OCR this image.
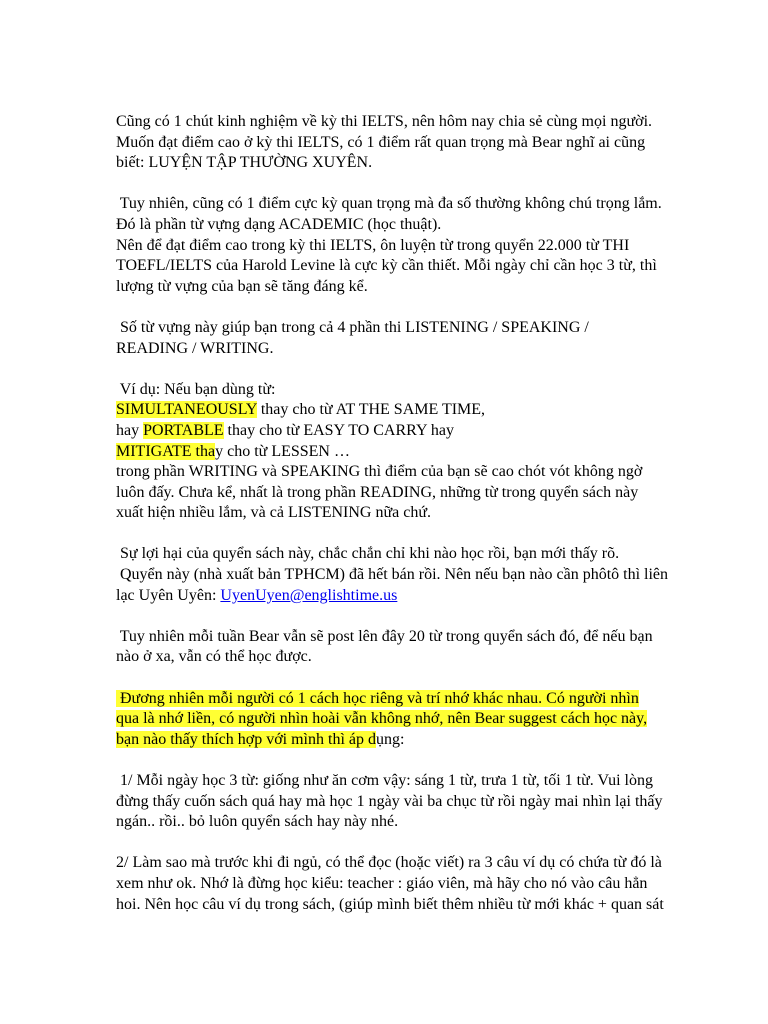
Cũng có 1 chút kinh nghiệm về kỳ thi IELTS, nên hôm nay chia sẻ cùng mọi người.
Muốn đạt điểm cao ở kỳ thi IELTS, có 1 điểm rất quan trọng mà Bear nghĩ ai cũng
biết: LUYỆN TẬP THƯỜNG XUYÊN.
Tuy nhiên, cũng có 1 điểm cực kỳ quan trọng mà đa số thường không chú trọng lắm.
Đó là phần từ vựng dạng ACADEMIC (học thuật).
Nên để đạt điểm cao trong kỳ thi IELTS, ôn luyện từ trong quyển 22.000 từ THI
TOEFL/IELTS của Harold Levine là cực kỳ cần thiết. Mỗi ngày chỉ cần học 3 từ, thì
lượng từ vựng của bạn sẽ tăng đáng kể.
Số từ vựng này giúp bạn trong cả 4 phần thi LISTENING / SPEAKING /
READING / WRITING.
Ví dụ: Nếu bạn dùng từ:
SIMULTANEOUSLY thay cho từ AT THE SAME TIME,
hay PORTABLE thay cho từ EASY TO CARRY hay
MITIGATE thay cho từ LESSEN …
trong phần WRITING và SPEAKING thì điểm của bạn sẽ cao chót vót không ngờ
luôn đấy. Chưa kể, nhất là trong phần READING, những từ trong quyển sách này
xuất hiện nhiều lắm, và cả LISTENING nữa chứ.
Sự lợi hại của quyển sách này, chắc chắn chỉ khi nào học rồi, bạn mới thấy rõ.
Quyển này (nhà xuất bản TPHCM) đã hết bán rồi. Nên nếu bạn nào cần phôtô thì liên
lạc Uyên Uyên: UyenUyen@englishtime.us
Tuy nhiên mỗi tuần Bear vẫn sẽ post lên đây 20 từ trong quyển sách đó, để nếu bạn
nào ở xa, vẫn có thể học được.
Đương nhiên mỗi người có 1 cách học riêng và trí nhớ khác nhau. Có người nhìn
qua là nhớ liền, có người nhìn hoài vẫn không nhớ, nên Bear suggest cách học này,
bạn nào thấy thích hợp với mình thì áp dụng:
1/ Mỗi ngày học 3 từ: giống như ăn cơm vậy: sáng 1 từ, trưa 1 từ, tối 1 từ. Vui lòng
đừng thấy cuốn sách quá hay mà học 1 ngày vài ba chục từ rồi ngày mai nhìn lại thấy
ngán.. rồi.. bỏ luôn quyển sách hay này nhé.
2/ Làm sao mà trước khi đi ngủ, có thể đọc (hoặc viết) ra 3 câu ví dụ có chứa từ đó là
xem như ok. Nhớ là đừng học kiểu: teacher : giáo viên, mà hãy cho nó vào câu hẳn
hoi. Nên học câu ví dụ trong sách, (giúp mình biết thêm nhiều từ mới khác + quan sát
